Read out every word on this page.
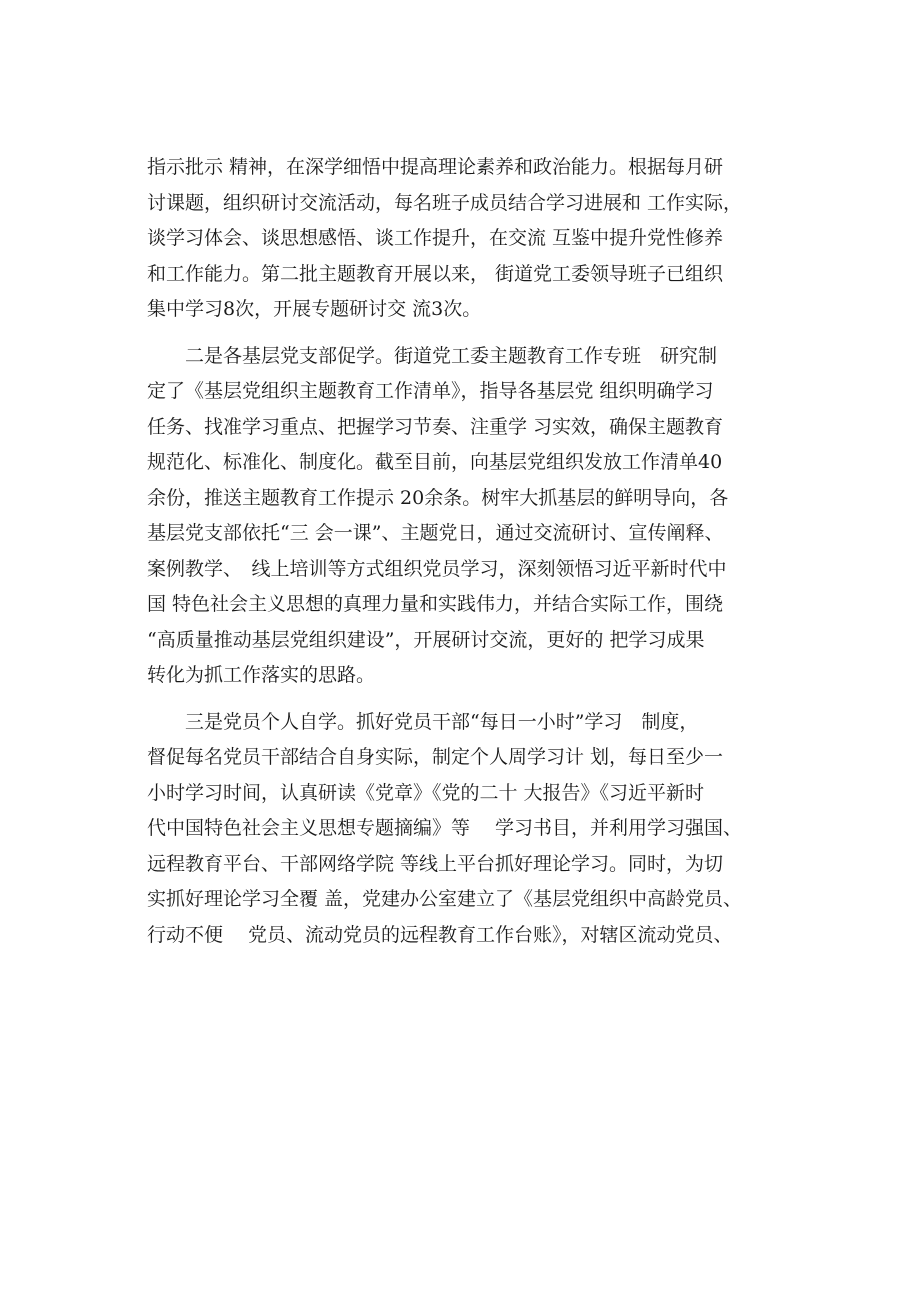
指示批示 精神，在深学细悟中提高理论素养和政治能力。根据每月研
讨课题，组织研讨交流活动，每名班子成员结合学习进展和 工作实际，
谈学习体会、谈思想感悟、谈工作提升，在交流 互鉴中提升党性修养
和工作能力。第二批主题教育开展以来， 街道党工委领导班子已组织
集中学习8次，开展专题研讨交 流3次。
　　二是各基层党支部促学。街道党工委主题教育工作专班　研究制
定了《基层党组织主题教育工作清单》，指导各基层党 组织明确学习
任务、找准学习重点、把握学习节奏、注重学 习实效，确保主题教育
规范化、标准化、制度化。截至目前，向基层党组织发放工作清单40
余份，推送主题教育工作提示 20余条。树牢大抓基层的鲜明导向，各
基层党支部依托“三 会一课”、主题党日，通过交流研讨、宣传阐释、
案例教学、　线上培训等方式组织党员学习，深刻领悟习近平新时代中
国 特色社会主义思想的真理力量和实践伟力，并结合实际工作，围绕
“高质量推动基层党组织建设”，开展研讨交流，更好的 把学习成果
转化为抓工作落实的思路。
　　三是党员个人自学。抓好党员干部“每日一小时”学习　制度，
督促每名党员干部结合自身实际，制定个人周学习计 划，每日至少一
小时学习时间，认真研读《党章》《党的二十 大报告》《习近平新时
代中国特色社会主义思想专题摘编》等　 学习书目，并利用学习强国、
远程教育平台、干部网络学院 等线上平台抓好理论学习。同时，为切
实抓好理论学习全覆 盖，党建办公室建立了《基层党组织中高龄党员、
行动不便　 党员、流动党员的远程教育工作台账》，对辖区流动党员、
